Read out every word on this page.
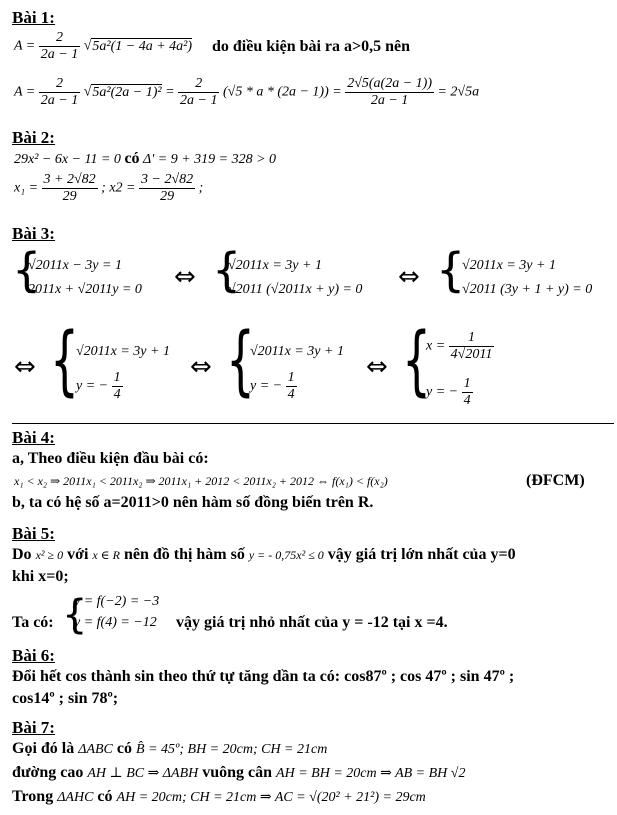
Bài 1:
$A = \frac{2}{2a - 1} √5a^2(1 - 4a + 4a^2)$ do điều kiện bài ra a>0,5 nên
$A = \frac{2}{2a - 1} √5a^2(2a - 1)^2 = \frac{2}{2a - 1} (√5 * a * (2a - 1)) = \frac{2√5(a(2a - 1))}{2a - 1} = 2√5a$
Bài 2:
29x² − 6x − 11 = 0 có Δ' = 9 + 319 = 328 > 0
$x_1 = \frac{3 + 2√82}{29}$ ; $x2 = \frac{3 - 2√82}{29}$ ;
Bài 3:
{
√2011x − 3y = 1
2011x + √2011y = 0 ⇔ {
√2011x = 3y + 1
√2011 (√2011x + y) = 0 ⇔ {
√2011x = 3y + 1
√2011 (3y + 1 + y) = 0
⇔ {
√2011x = 3y + 1
y = − $\frac{1}{4}$
⇔ {
√2011x = 3y + 1
y = − $\frac{1}{4}$
⇔ {
$x = \frac{1}{4√2011}$
y = − $\frac{1}{4}$
Bài 4:
a, Theo điều kiện đầu bài có:
x₁ < x₂ ⇒ 2011x₁ < 2011x₂ ⇒ 2011x₁ + 2012 < 2011x₂ + 2012 ⇔ f(x₁) < f(x₂)	(ĐFCM)
b, ta có hệ số a=2011>0 nên hàm số đồng biến trên R.
Bài 5:
Do x² ≥ 0 với x ∈ R nên đồ thị hàm số y = - 0,75x² ≤ 0 vậy giá trị lớn nhất của y=0
khi x=0;
Ta có: {
y = f(−2) = −3
y = f(4) = −12 vậy giá trị nhỏ nhất của y = -12 tại x =4.
Bài 6:
Đổi hết cos thành sin theo thứ tự tăng dần ta có: cos87º ; cos 47º ; sin 47º ;
cos14º ; sin 78º;
Bài 7:
Gọi đó là ΔABC có B̂ = 45º; BH = 20cm; CH = 21cm
đường cao AH ⊥ BC ⇒ ΔABH vuông cân AH = BH = 20cm ⇒ AB = BH √2
Trong ΔAHC có AH = 20cm; CH = 21cm ⇒ AC = √(20² + 21²) = 29cm
